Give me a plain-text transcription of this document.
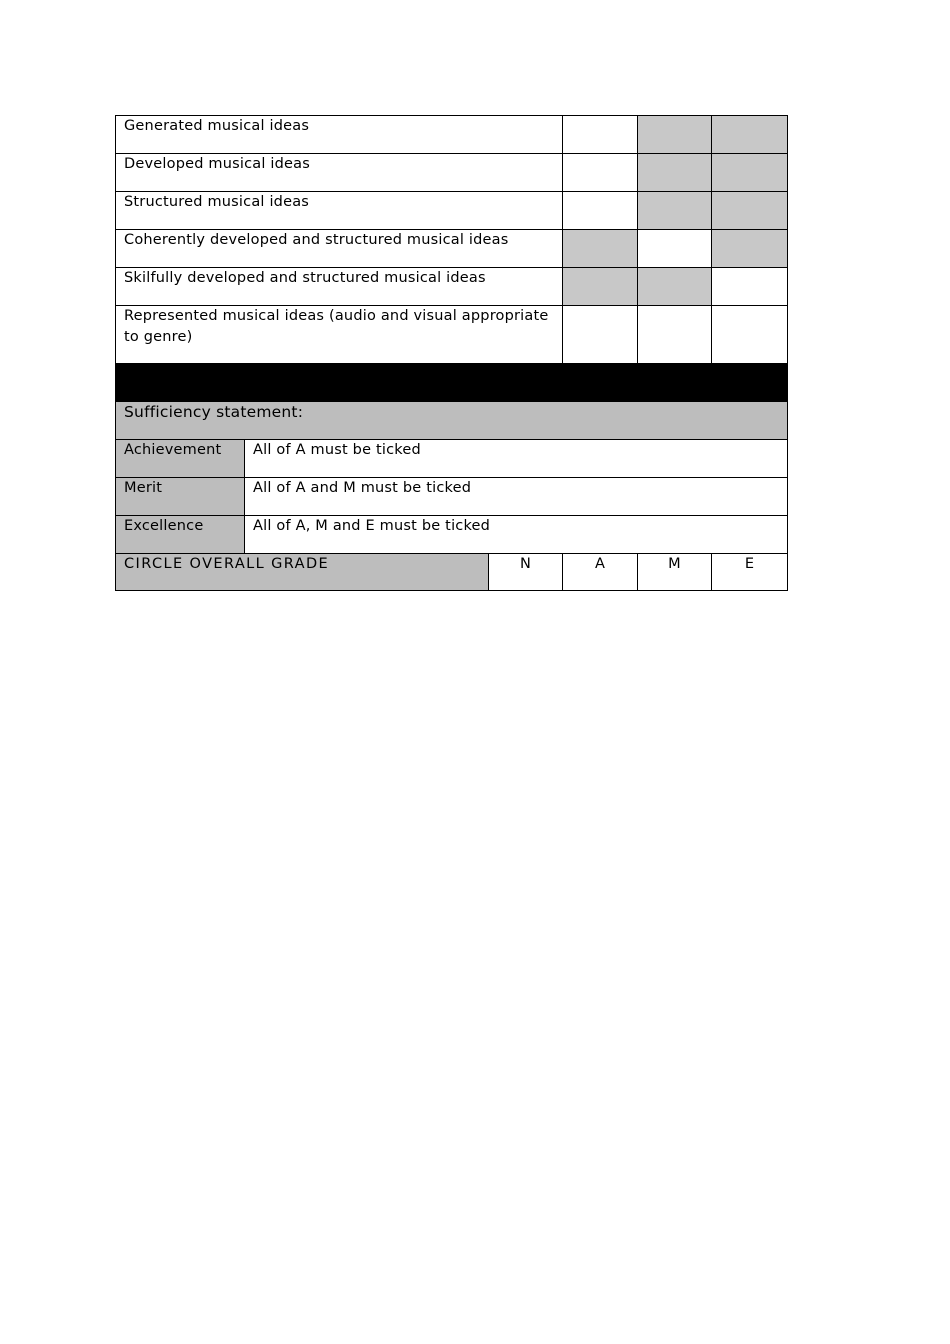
Generated musical ideas					
Developed musical ideas					
Structured musical ideas					
Coherently developed and structured musical ideas					
Skilfully developed and structured musical ideas					
Represented musical ideas (audio and visual appropriate to genre)					

Sufficiency statement:					
Achievement	All of A must be ticked				
Merit	All of A and M must be ticked				
Excellence	All of A, M and E must be ticked				
CIRCLE OVERALL GRADE		N	A	M	E
